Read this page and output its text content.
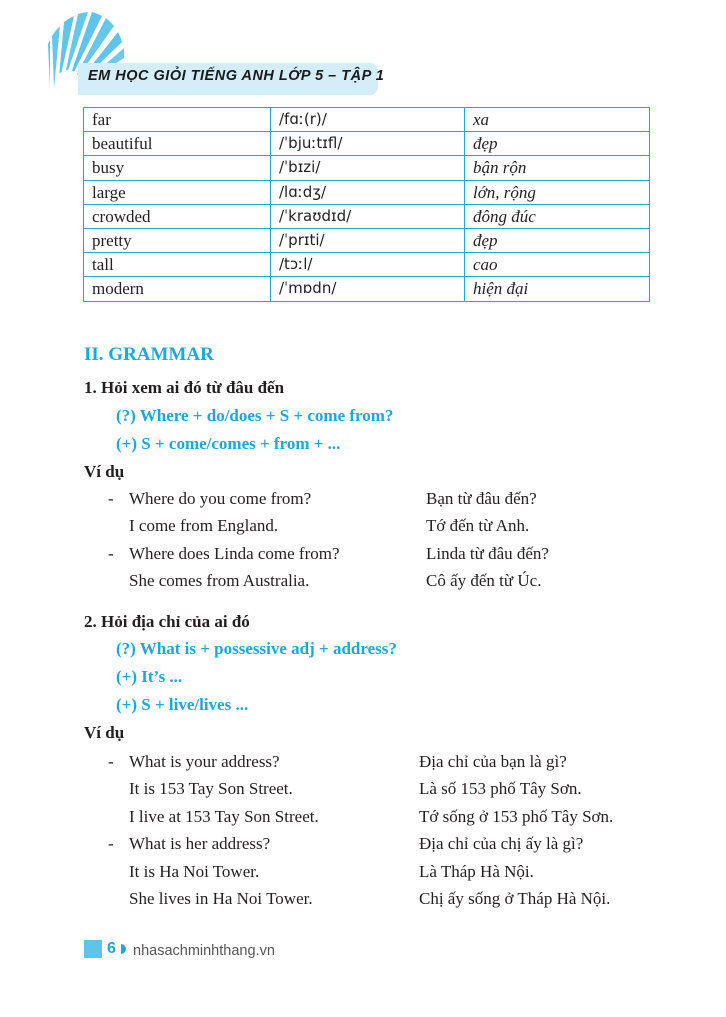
EM HỌC GIỎI TIẾNG ANH LỚP 5 – TẬP 1
far	/fɑː(r)/	xa
beautiful	/ˈbjuːtɪfl/	đẹp
busy	/ˈbɪzi/	bận rộn
large	/lɑːdʒ/	lớn, rộng
crowded	/ˈkraʊdɪd/	đông đúc
pretty	/ˈprɪti/	đẹp
tall	/tɔːl/	cao
modern	/ˈmɒdn/	hiện đại
II. GRAMMAR
1. Hỏi xem ai đó từ đâu đến
(?) Where + do/does + S + come from?
(+) S + come/comes + from + ...
Ví dụ
- Where do you come from?	Bạn từ đâu đến?
I come from England.	Tớ đến từ Anh.
- Where does Linda come from?	Linda từ đâu đến?
She comes from Australia.	Cô ấy đến từ Úc.
2. Hỏi địa chỉ của ai đó
(?) What is + possessive adj + address?
(+) It’s ...
(+) S + live/lives ...
Ví dụ
- What is your address?	Địa chỉ của bạn là gì?
It is 153 Tay Son Street.	Là số 153 phố Tây Sơn.
I live at 153 Tay Son Street.	Tớ sống ở 153 phố Tây Sơn.
- What is her address?	Địa chỉ của chị ấy là gì?
It is Ha Noi Tower.	Là Tháp Hà Nội.
She lives in Ha Noi Tower.	Chị ấy sống ở Tháp Hà Nội.
6 nhasachminhthang.vn
